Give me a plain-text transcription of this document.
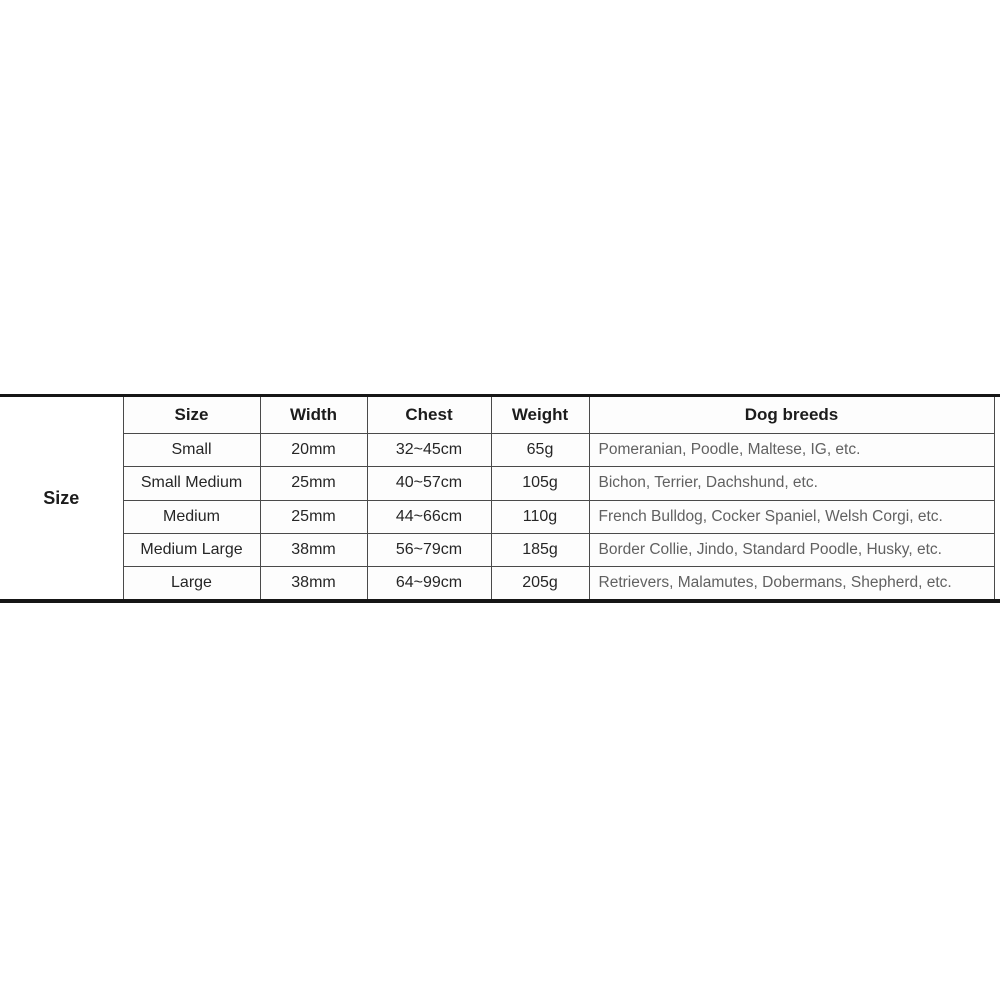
Size	Size	Width	Chest	Weight	Dog breeds
	Small	20mm	32~45cm	65g	Pomeranian, Poodle, Maltese, IG, etc.
	Small Medium	25mm	40~57cm	105g	Bichon, Terrier, Dachshund, etc.
	Medium	25mm	44~66cm	110g	French Bulldog, Cocker Spaniel, Welsh Corgi, etc.
	Medium Large	38mm	56~79cm	185g	Border Collie, Jindo, Standard Poodle, Husky, etc.
	Large	38mm	64~99cm	205g	Retrievers, Malamutes, Dobermans, Shepherd, etc.
